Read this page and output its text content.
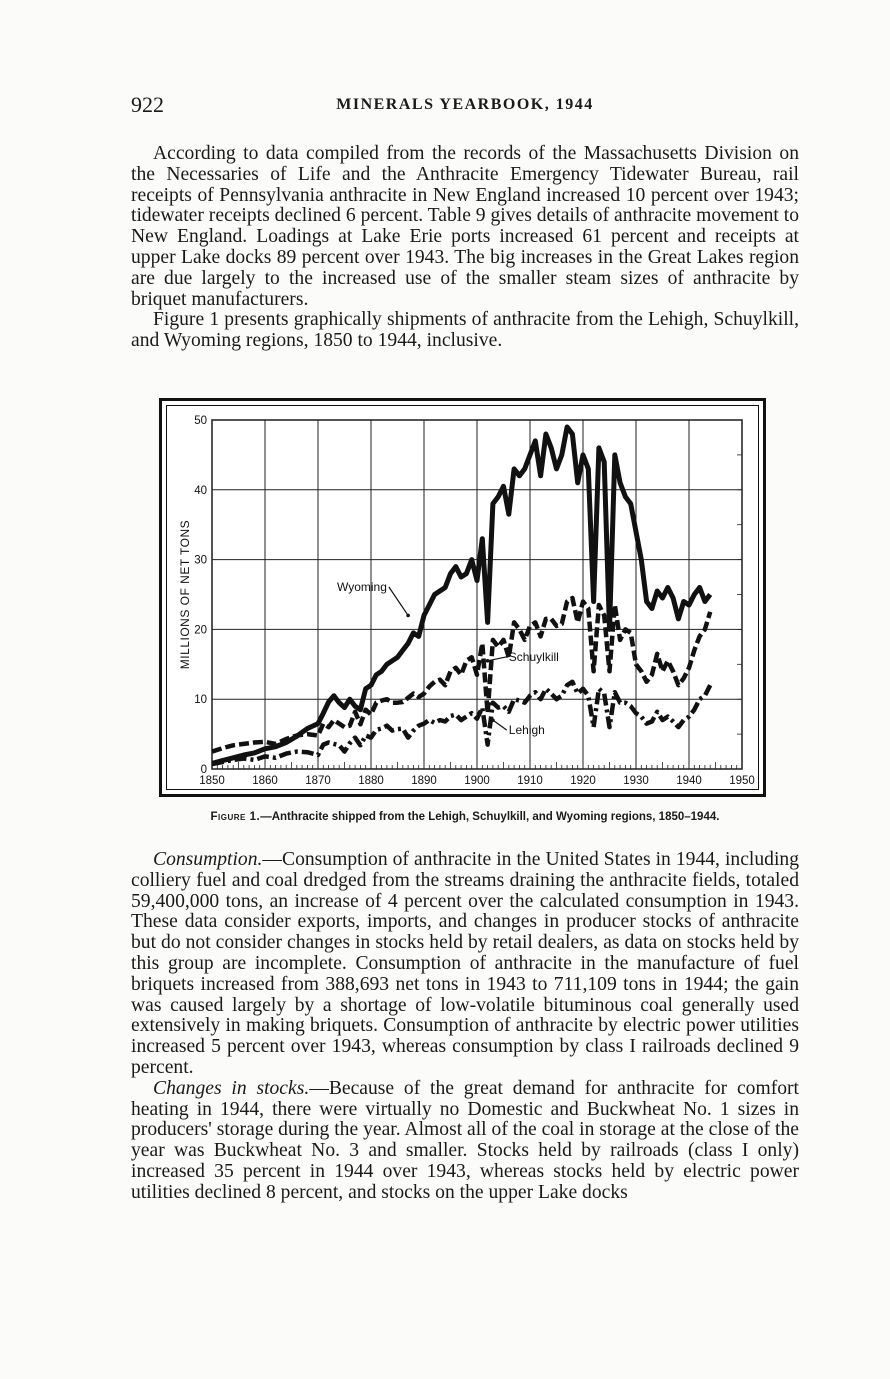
922	MINERALS YEARBOOK, 1944

According to data compiled from the records of the Massachusetts Division on the Necessaries of Life and the Anthracite Emergency Tidewater Bureau, rail receipts of Pennsylvania anthracite in New England increased 10 percent over 1943; tidewater receipts declined 6 percent. Table 9 gives details of anthracite movement to New England. Loadings at Lake Erie ports increased 61 percent and receipts at upper Lake docks 89 percent over 1943. The big increases in the Great Lakes region are due largely to the increased use of the smaller steam sizes of anthracite by briquet manufacturers.

Figure 1 presents graphically shipments of anthracite from the Lehigh, Schuylkill, and Wyoming regions, 1850 to 1944, inclusive.

1850 1860 1870 1880 1890 1900 1910 1920 1930 1940 1950
0
10
20
30
40
50
MILLIONS OF NET TONS	Wyoming
Schuylkill
Lehigh
Figure 1.—Anthracite shipped from the Lehigh, Schuylkill, and Wyoming regions, 1850–1944.

Consumption.—Consumption of anthracite in the United States in 1944, including colliery fuel and coal dredged from the streams draining the anthracite fields, totaled 59,400,000 tons, an increase of 4 percent over the calculated consumption in 1943. These data consider exports, imports, and changes in producer stocks of anthracite but do not consider changes in stocks held by retail dealers, as data on stocks held by this group are incomplete. Consumption of anthracite in the manufacture of fuel briquets increased from 388,693 net tons in 1943 to 711,109 tons in 1944; the gain was caused largely by a shortage of low-volatile bituminous coal generally used extensively in making briquets. Consumption of anthracite by electric power utilities increased 5 percent over 1943, whereas consumption by class I railroads declined 9 percent.

Changes in stocks.—Because of the great demand for anthracite for comfort heating in 1944, there were virtually no Domestic and Buckwheat No. 1 sizes in producers' storage during the year. Almost all of the coal in storage at the close of the year was Buckwheat No. 3 and smaller. Stocks held by railroads (class I only) increased 35 percent in 1944 over 1943, whereas stocks held by electric power utilities declined 8 percent, and stocks on the upper Lake docks
